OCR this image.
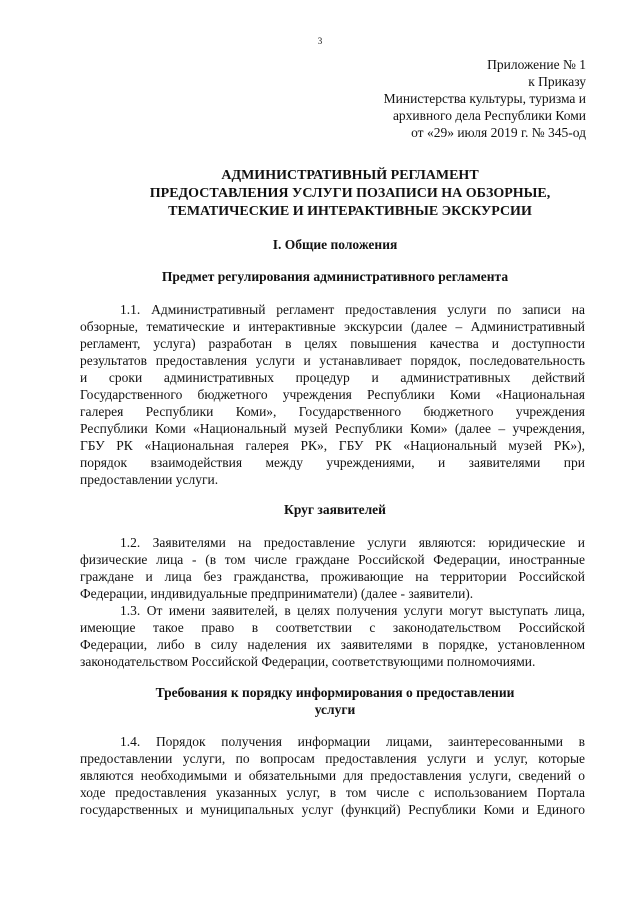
3
Приложение № 1
к Приказу
Министерства культуры, туризма и
архивного дела Республики Коми
от «29» июля 2019 г. № 345-од
АДМИНИСТРАТИВНЫЙ РЕГЛАМЕНТ
ПРЕДОСТАВЛЕНИЯ УСЛУГИ ПОЗАПИСИ НА ОБЗОРНЫЕ,
ТЕМАТИЧЕСКИЕ И ИНТЕРАКТИВНЫЕ ЭКСКУРСИИ
I. Общие положения
Предмет регулирования административного регламента
1.1. Административный регламент предоставления услуги по записи на
обзорные, тематические и интерактивные экскурсии (далее – Административный
регламент, услуга) разработан в целях повышения качества и доступности
результатов предоставления услуги и устанавливает порядок, последовательность
и сроки административных процедур и административных действий
Государственного бюджетного учреждения Республики Коми «Национальная
галерея Республики Коми», Государственного бюджетного учреждения
Республики Коми «Национальный музей Республики Коми» (далее – учреждения,
ГБУ РК «Национальная галерея РК», ГБУ РК «Национальный музей РК»),
порядок взаимодействия между учреждениями, и заявителями при
предоставлении услуги.
Круг заявителей
1.2. Заявителями на предоставление услуги являются: юридические и
физические лица - (в том числе граждане Российской Федерации, иностранные
граждане и лица без гражданства, проживающие на территории Российской
Федерации, индивидуальные предприниматели) (далее - заявители).
1.3. От имени заявителей, в целях получения услуги могут выступать лица,
имеющие такое право в соответствии с законодательством Российской
Федерации, либо в силу наделения их заявителями в порядке, установленном
законодательством Российской Федерации, соответствующими полномочиями.
Требования к порядку информирования о предоставлении
услуги
1.4. Порядок получения информации лицами, заинтересованными в
предоставлении услуги, по вопросам предоставления услуги и услуг, которые
являются необходимыми и обязательными для предоставления услуги, сведений о
ходе предоставления указанных услуг, в том числе с использованием Портала
государственных и муниципальных услуг (функций) Республики Коми и Единого
